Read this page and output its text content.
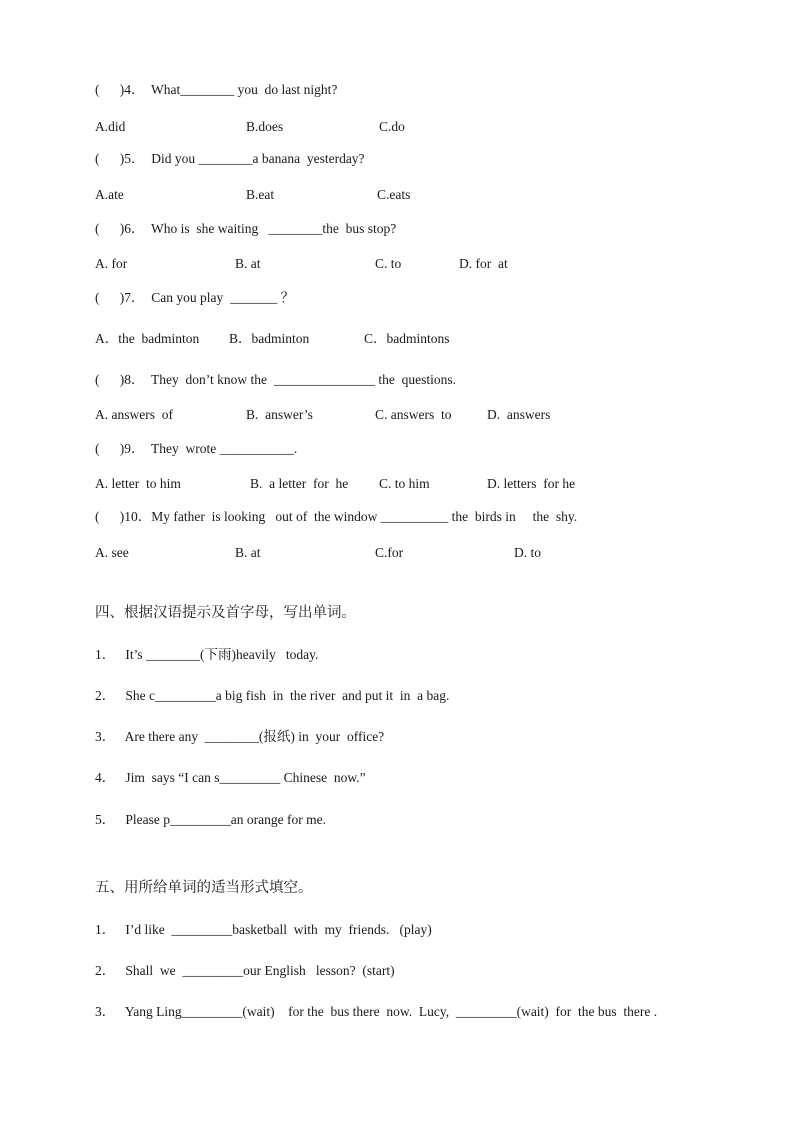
(      )4．  What________ you  do last night?
A.did	B.does	C.do
(      )5．  Did you ________a banana  yesterday?
A.ate	B.eat	C.eats
(      )6．  Who is  she waiting   ________the  bus stop?
A. for	B. at	C. to	D. for  at
(      )7．  Can you play  _______ ？
A．the  badminton B．badminton	C．badmintons
(      )8．  They  don’t know the  _______________ the  questions.
A. answers  of	B.  answer’s	C. answers  to	D.  answers
(      )9．  They  wrote ___________.
A. letter  to him	B.  a letter  for  he C. to him	D. letters  for he
(      )10．My father  is looking   out of  the window __________ the  birds in     the  shy.
A. see	B. at	C.for	D. to
四、根据汉语提示及首字母，写出单词。
1．   It’s ________(下雨)heavily   today.
2．   She c_________a big fish  in  the river  and put it  in  a bag.
3．   Are there any  ________(报纸) in  your  office?
4．   Jim  says “I can s_________ Chinese  now.”
5．   Please p_________an orange for me.
五、用所给单词的适当形式填空。
1．   I’d like  _________basketball  with  my  friends.   (play)
2．   Shall  we  _________our English   lesson?  (start)
3．   Yang Ling_________(wait)    for the  bus there  now.  Lucy,  _________(wait)  for  the bus  there .
